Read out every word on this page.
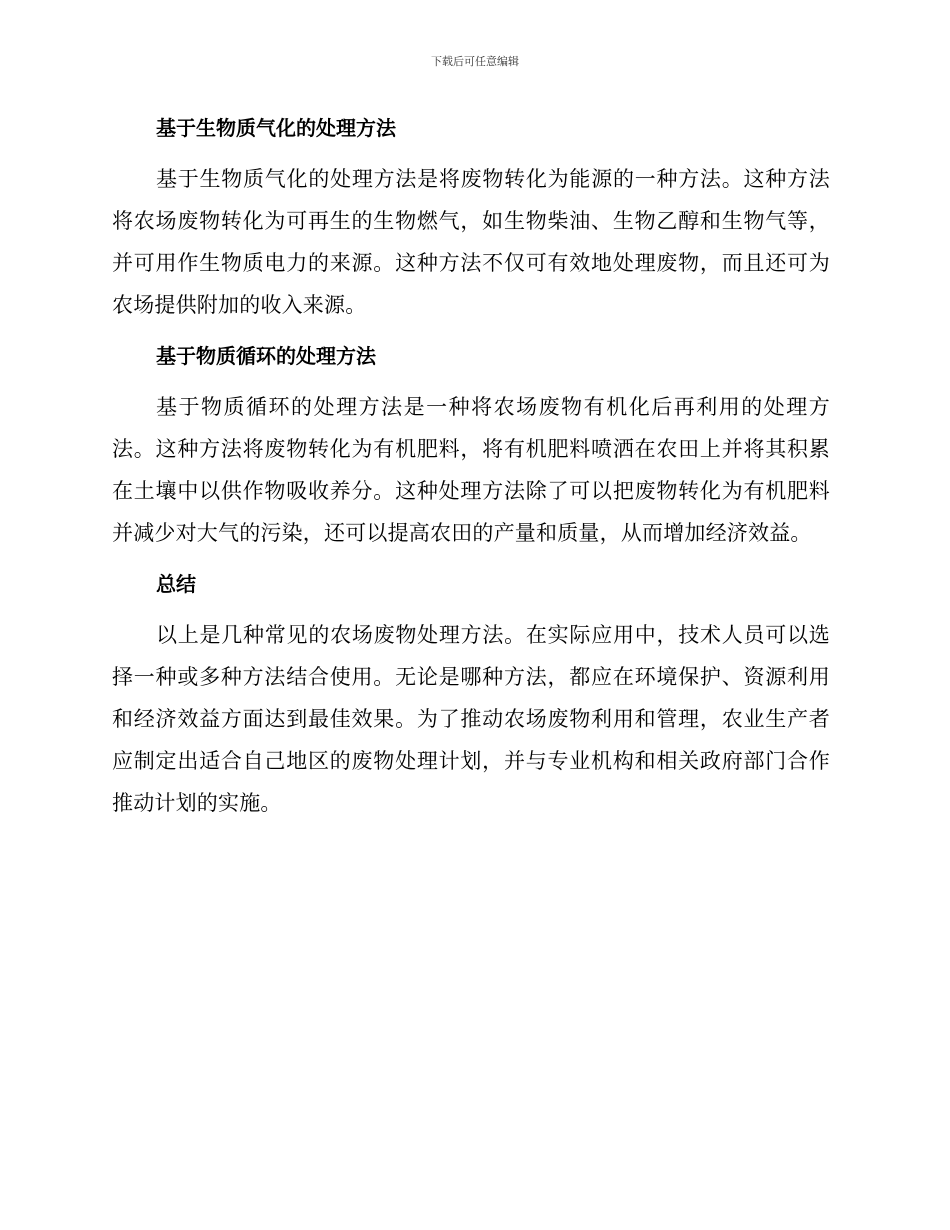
下载后可任意编辑
基于生物质气化的处理方法

基于生物质气化的处理方法是将废物转化为能源的一种方法。这种方法将农场废物转化为可再生的生物燃气，如生物柴油、生物乙醇和生物气等，并可用作生物质电力的来源。这种方法不仅可有效地处理废物，而且还可为农场提供附加的收入来源。

基于物质循环的处理方法

基于物质循环的处理方法是一种将农场废物有机化后再利用的处理方法。这种方法将废物转化为有机肥料，将有机肥料喷洒在农田上并将其积累在土壤中以供作物吸收养分。这种处理方法除了可以把废物转化为有机肥料并减少对大气的污染，还可以提高农田的产量和质量，从而增加经济效益。

总结

以上是几种常见的农场废物处理方法。在实际应用中，技术人员可以选择一种或多种方法结合使用。无论是哪种方法，都应在环境保护、资源利用和经济效益方面达到最佳效果。为了推动农场废物利用和管理，农业生产者应制定出适合自己地区的废物处理计划，并与专业机构和相关政府部门合作推动计划的实施。
